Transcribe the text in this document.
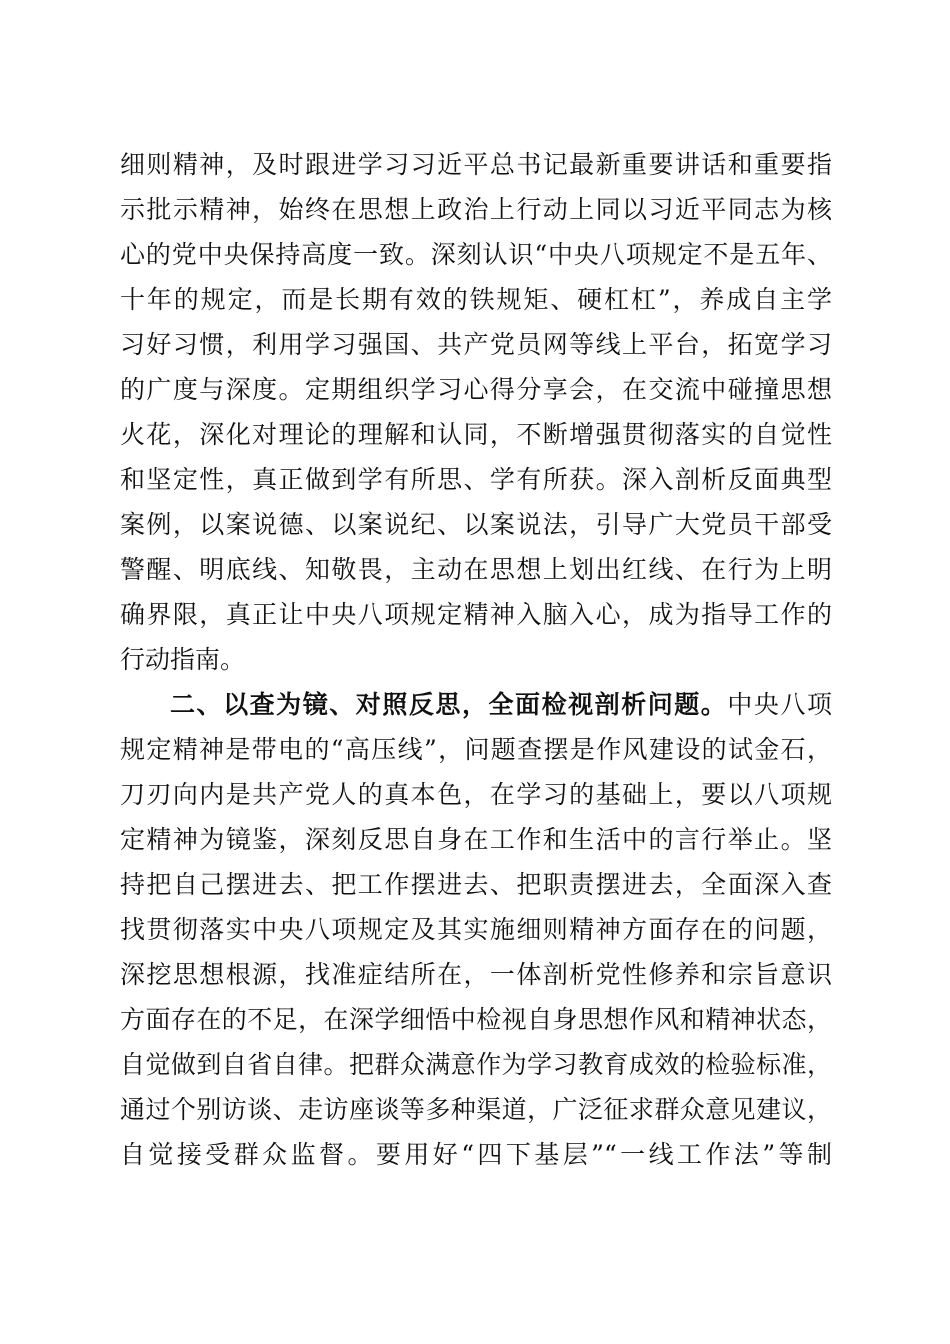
细则精神，及时跟进学习习近平总书记最新重要讲话和重要指
示批示精神，始终在思想上政治上行动上同以习近平同志为核
心的党中央保持高度一致。深刻认识“中央八项规定不是五年、
十年的规定，而是长期有效的铁规矩、硬杠杠”，养成自主学
习好习惯，利用学习强国、共产党员网等线上平台，拓宽学习
的广度与深度。定期组织学习心得分享会，在交流中碰撞思想
火花，深化对理论的理解和认同，不断增强贯彻落实的自觉性
和坚定性，真正做到学有所思、学有所获。深入剖析反面典型
案例，以案说德、以案说纪、以案说法，引导广大党员干部受
警醒、明底线、知敬畏，主动在思想上划出红线、在行为上明
确界限，真正让中央八项规定精神入脑入心，成为指导工作的
行动指南。
二、以查为镜、对照反思，全面检视剖析问题。中央八项
规定精神是带电的“高压线”，问题查摆是作风建设的试金石，
刀刃向内是共产党人的真本色，在学习的基础上，要以八项规
定精神为镜鉴，深刻反思自身在工作和生活中的言行举止。坚
持把自己摆进去、把工作摆进去、把职责摆进去，全面深入查
找贯彻落实中央八项规定及其实施细则精神方面存在的问题，
深挖思想根源，找准症结所在，一体剖析党性修养和宗旨意识
方面存在的不足，在深学细悟中检视自身思想作风和精神状态，
自觉做到自省自律。把群众满意作为学习教育成效的检验标准，
通过个别访谈、走访座谈等多种渠道，广泛征求群众意见建议，
自觉接受群众监督。要用好“四下基层”“一线工作法”等制
